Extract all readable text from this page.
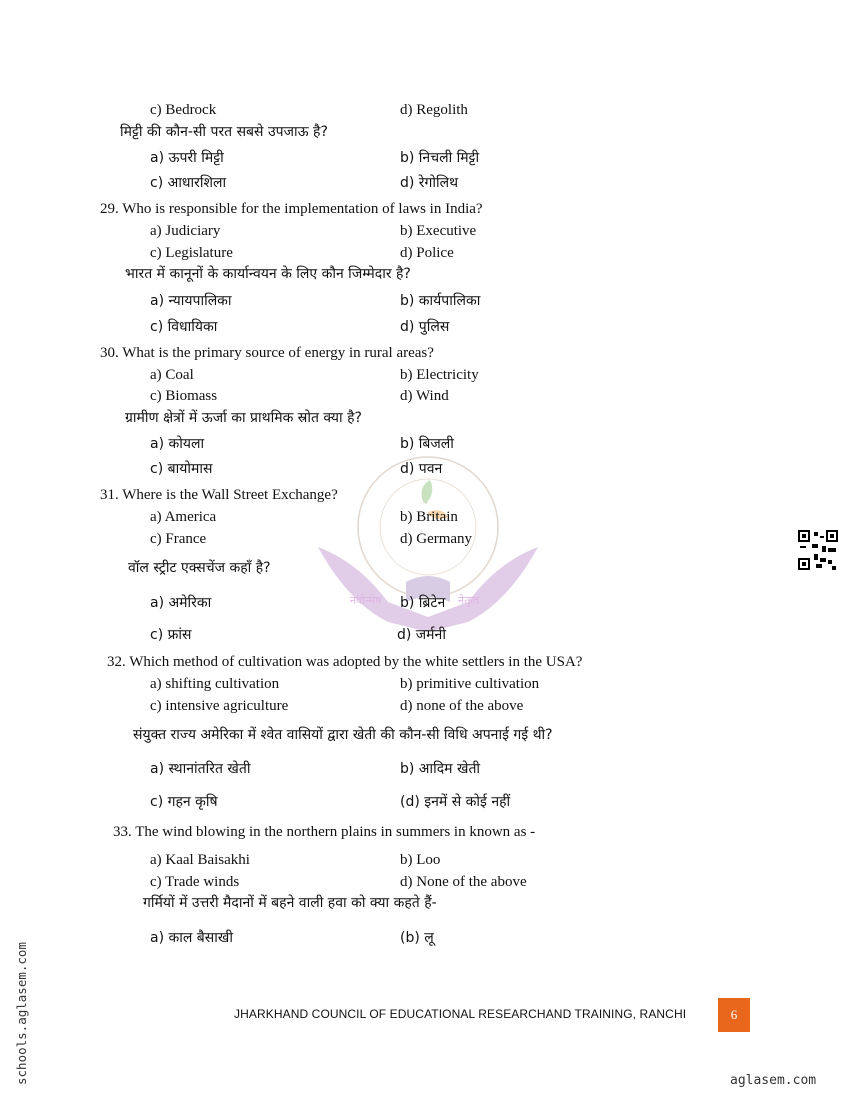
नवोन्मेष	नेतृत्व
c) Bedrock	d) Regolith
मिट्टी की कौन-सी परत सबसे उपजाऊ है?
a) ऊपरी मिट्टी	b) निचली मिट्टी
c) आधारशिला	d) रेगोलिथ
29. Who is responsible for the implementation of laws in India?
a) Judiciary	b) Executive
c) Legislature	d) Police
भारत में कानूनों के कार्यान्वयन के लिए कौन जिम्मेदार है?
a) न्यायपालिका	b) कार्यपालिका
c) विधायिका	d) पुलिस
30. What is the primary source of energy in rural areas?
a) Coal	b) Electricity
c) Biomass	d) Wind
ग्रामीण क्षेत्रों में ऊर्जा का प्राथमिक स्रोत क्या है?
a) कोयला	b) बिजली
c) बायोमास	d) पवन
31. Where is the Wall Street Exchange?
a) America	b) Britain
c) France	d) Germany
वॉल स्ट्रीट एक्सचेंज कहाँ है?
a) अमेरिका	b) ब्रिटेन
c) फ्रांस	d) जर्मनी
32. Which method of cultivation was adopted by the white settlers in the USA?
a) shifting cultivation	b) primitive cultivation
c) intensive agriculture	d) none of the above
संयुक्त राज्य अमेरिका में श्वेत वासियों द्वारा खेती की कौन-सी विधि अपनाई गई थी?
a) स्थानांतरित खेती	b) आदिम खेती
c) गहन कृषि	(d) इनमें से कोई नहीं
33. The wind blowing in the northern plains in summers in known as -
a) Kaal Baisakhi	b) Loo
c) Trade winds	d) None of the above
गर्मियों में उत्तरी मैदानों में बहने वाली हवा को क्या कहते हैं-
a) काल बैसाखी	(b) लू
JHARKHAND COUNCIL OF EDUCATIONAL RESEARCHAND TRAINING, RANCHI	6
schools.aglasem.com	aglasem.com
